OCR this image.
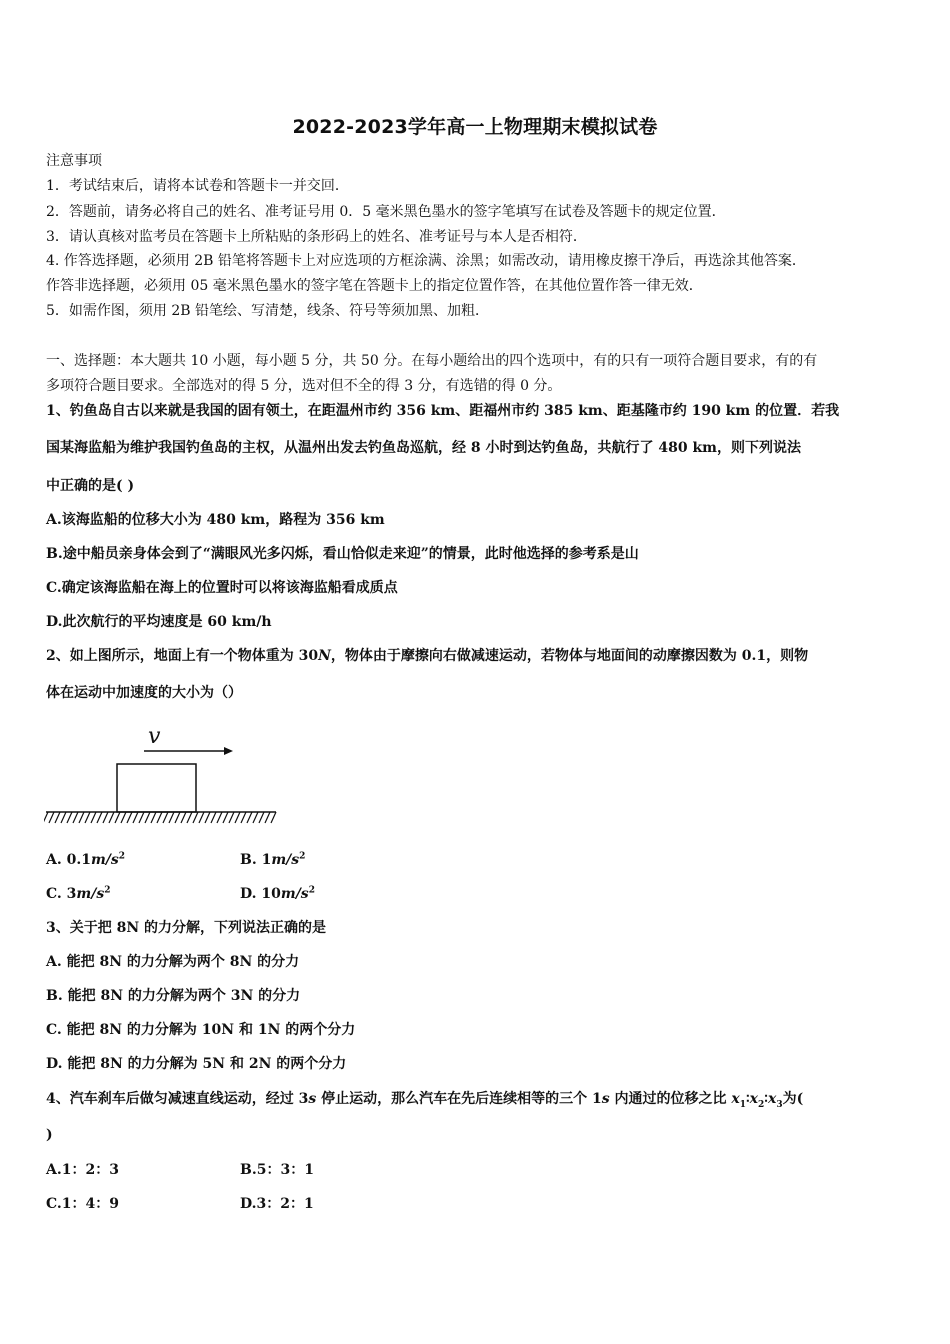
2022-2023学年高一上物理期末模拟试卷
注意事项
1．考试结束后，请将本试卷和答题卡一并交回．
2．答题前，请务必将自己的姓名、准考证号用 0．5 毫米黑色墨水的签字笔填写在试卷及答题卡的规定位置．
3．请认真核对监考员在答题卡上所粘贴的条形码上的姓名、准考证号与本人是否相符．
4. 作答选择题，必须用 2B 铅笔将答题卡上对应选项的方框涂满、涂黑；如需改动，请用橡皮擦干净后，再选涂其他答案．
作答非选择题，必须用 05 毫米黑色墨水的签字笔在答题卡上的指定位置作答，在其他位置作答一律无效．
5．如需作图，须用 2B 铅笔绘、写清楚，线条、符号等须加黑、加粗．
一、选择题：本大题共 10 小题，每小题 5 分，共 50 分。在每小题给出的四个选项中，有的只有一项符合题目要求，有的有
多项符合题目要求。全部选对的得 5 分，选对但不全的得 3 分，有选错的得 0 分。
1、钓鱼岛自古以来就是我国的固有领土，在距温州市约 356 km、距福州市约 385 km、距基隆市约 190 km 的位置．若我
国某海监船为维护我国钓鱼岛的主权，从温州出发去钓鱼岛巡航，经 8 小时到达钓鱼岛，共航行了 480 km，则下列说法
中正确的是( )
A.该海监船的位移大小为 480 km，路程为 356 km
B.途中船员亲身体会到了“满眼风光多闪烁，看山恰似走来迎”的情景，此时他选择的参考系是山
C.确定该海监船在海上的位置时可以将该海监船看成质点
D.此次航行的平均速度是 60 km/h
2、如上图所示，地面上有一个物体重为 30N，物体由于摩擦向右做减速运动，若物体与地面间的动摩擦因数为 0.1，则物
体在运动中加速度的大小为（）
v
A. $0.1m/s^2$	B. $1m/s^2$
C. $3m/s^2$	D. $10m/s^2$
3、关于把 8N 的力分解，下列说法正确的是
A. 能把 8N 的力分解为两个 8N 的分力
B. 能把 8N 的力分解为两个 3N 的分力
C. 能把 8N 的力分解为 10N 和 1N 的两个分力
D. 能把 8N 的力分解为 5N 和 2N 的两个分力
4、汽车刹车后做匀减速直线运动，经过 3s 停止运动，那么汽车在先后连续相等的三个 1s 内通过的位移之比 $x_1∶x_2∶x_3$为(
)
A.1：2：3	B.5：3：1
C.1：4：9	D.3：2：1
